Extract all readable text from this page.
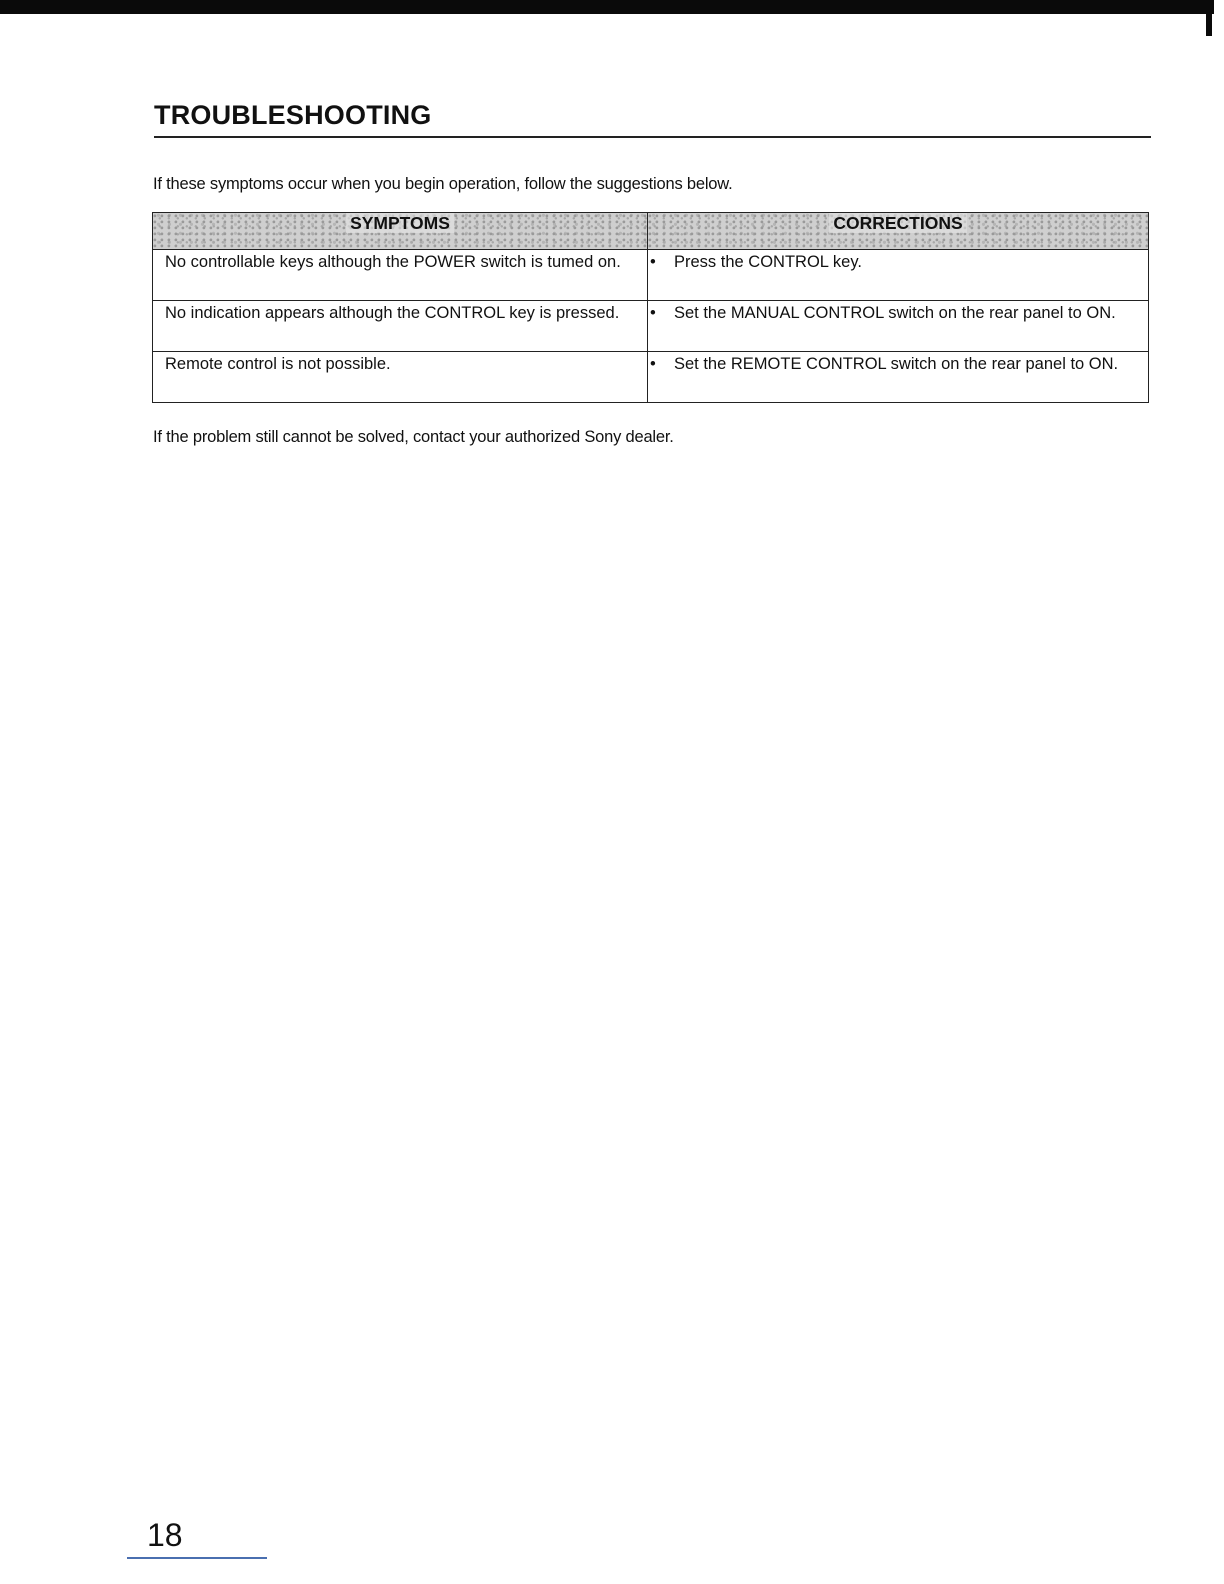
TROUBLESHOOTING

If these symptoms occur when you begin operation, follow the suggestions below.

SYMPTOMS	CORRECTIONS
No controllable keys although the POWER switch is tumed on.	• Press the CONTROL key.

No indication appears although the CONTROL key is pressed.	• Set the MANUAL CONTROL switch on the rear panel to ON.

Remote control is not possible.	• Set the REMOTE CONTROL switch on the rear panel to ON.

If the problem still cannot be solved, contact your authorized Sony dealer.

18
